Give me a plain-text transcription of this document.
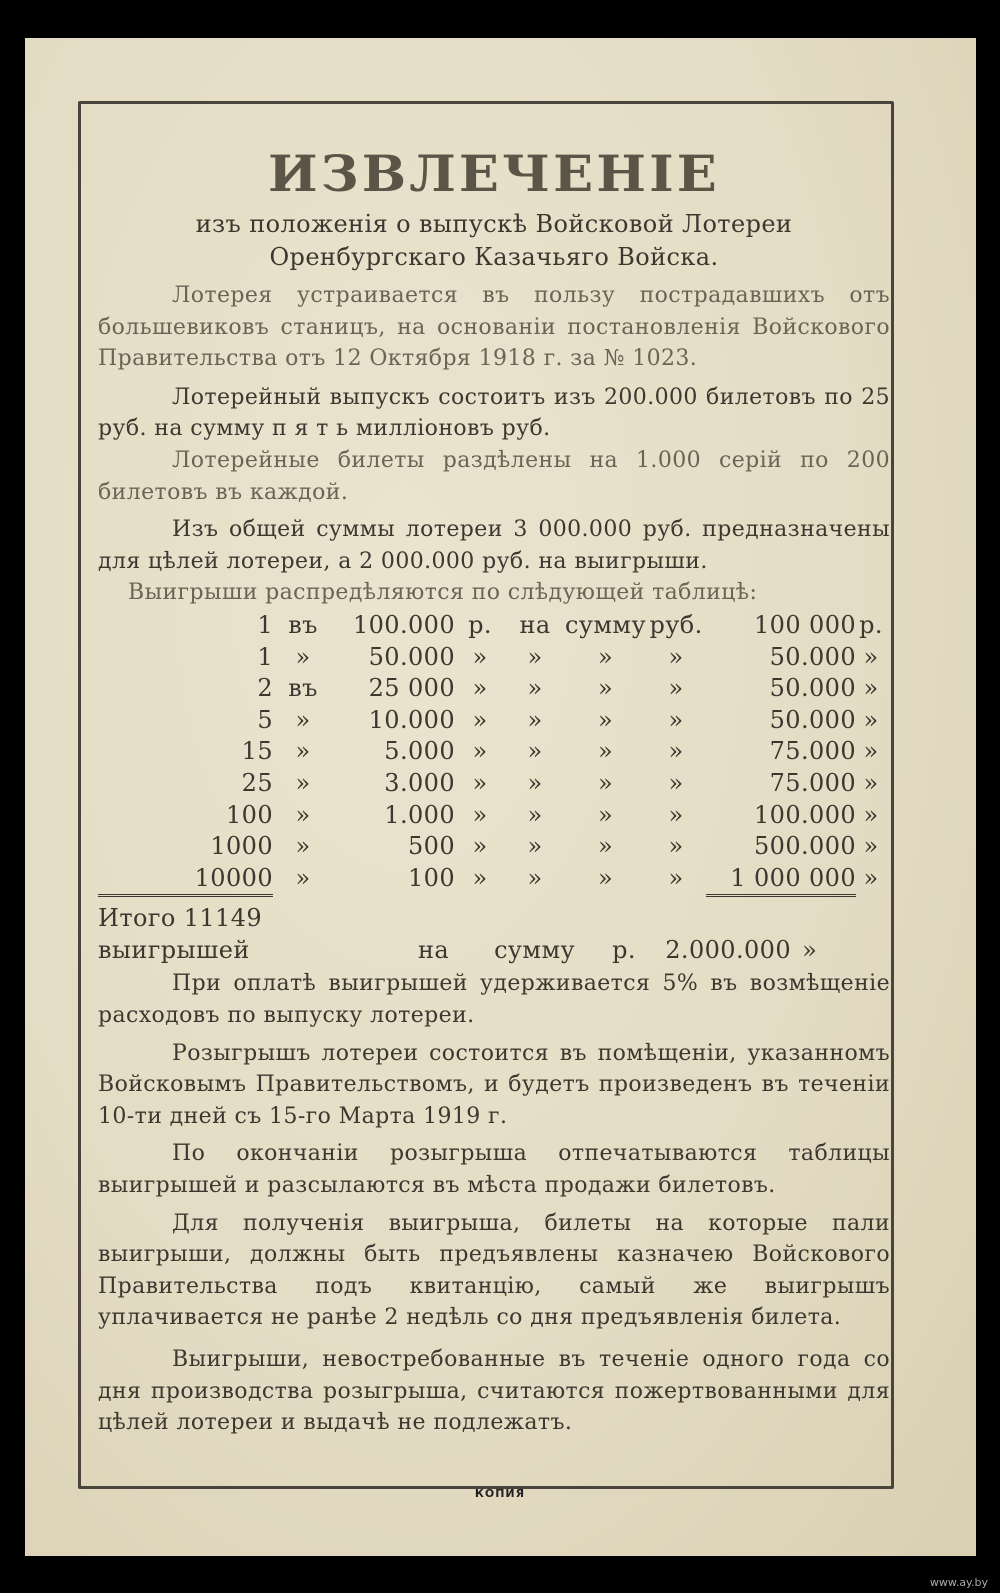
ИЗВЛЕЧЕНІЕ
изъ положенія о выпускѣ Войсковой Лотереи
Оренбургскаго Казачьяго Войска.

Лотерея устраивается въ пользу пострадавшихъ отъ большевиковъ станицъ, на основаніи постановленія Войскового Правительства отъ 12 Октября 1918 г. за № 1023.

Лотерейный выпускъ состоитъ изъ 200.000 билетовъ по 25 руб. на сумму п я т ь милліоновъ руб.

Лотерейные билеты раздѣлены на 1.000 серій по 200 билетовъ въ каждой.

Изъ общей суммы лотереи 3 000.000 руб. предназначены для цѣлей лотереи, а 2 000.000 руб. на выигрыши.

Выигрыши распредѣляются по слѣдующей таблицѣ:

1	въ	100.000	р.	на	сумму	руб.	100 000	р.
1	»	50.000	»	»	»	»	50.000	»
2	въ	25 000	»	»	»	»	50.000	»
5	»	10.000	»	»	»	»	50.000	»
15	»	5.000	»	»	»	»	75.000	»
25	»	3.000	»	»	»	»	75.000	»
100	»	1.000	»	»	»	»	100.000	»
1000	»	500	»	»	»	»	500.000	»
10000	»	100	»	»	»	»	1 000 000	»
Итого 11149 выигрышей	на сумму р. 2.000.000 »

При оплатѣ выигрышей удерживается 5% въ возмѣщеніе расходовъ по выпуску лотереи.

Розыгрышъ лотереи состоится въ помѣщеніи, указанномъ Войсковымъ Правительствомъ, и будетъ произведенъ въ теченіи 10-ти дней съ 15-го Марта 1919 г.

По окончаніи розыгрыша отпечатываются таблицы выигрышей и разсылаются въ мѣста продажи билетовъ.

Для полученія выигрыша, билеты на которые пали выигрыши, должны быть предъявлены казначею Войскового Правительства подъ квитанцію, самый же выигрышъ уплачивается не ранѣе 2 недѣль со дня предъявленія билета.

Выигрыши, невостребованные въ теченіе одного года со дня производства розыгрыша, считаются пожертвованными для цѣлей лотереи и выдачѣ не подлежатъ.

КОПИЯ
www.ay.by
